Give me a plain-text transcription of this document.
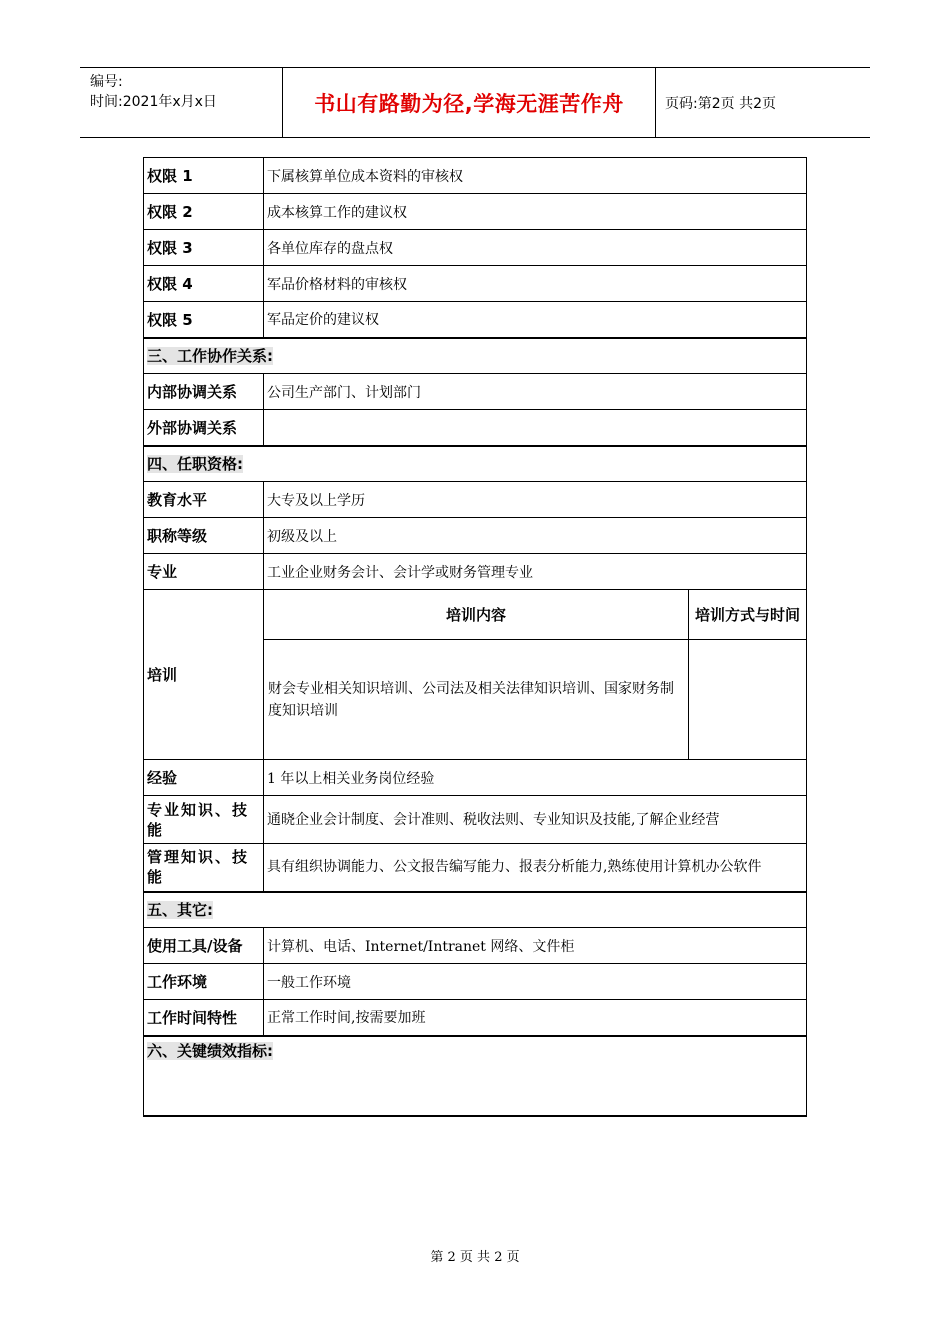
编号:
时间:2021年x月x日	书山有路勤为径,学海无涯苦作舟	页码:第2页 共2页
权限 1	下属核算单位成本资料的审核权	
权限 2	成本核算工作的建议权	
权限 3	各单位库存的盘点权	
权限 4	军品价格材料的审核权	
权限 5	军品定价的建议权	
三、工作协作关系:		
内部协调关系	公司生产部门、计划部门	
外部协调关系		
四、任职资格:		
教育水平	大专及以上学历	
职称等级	初级及以上	
专业	工业企业财务会计、会计学或财务管理专业	
培训	培训内容	培训方式与时间
	财会专业相关知识培训、公司法及相关法律知识培训、国家财务制度知识培训	
经验	1 年以上相关业务岗位经验	
专业知识、技能	通晓企业会计制度、会计准则、税收法则、专业知识及技能,了解企业经营	
管理知识、技能	具有组织协调能力、公文报告编写能力、报表分析能力,熟练使用计算机办公软件	
五、其它:		
使用工具/设备	计算机、电话、Internet/Intranet 网络、文件柜	
工作环境	一般工作环境	
工作时间特性	正常工作时间,按需要加班	
六、关键绩效指标:		
第 2 页 共 2 页
